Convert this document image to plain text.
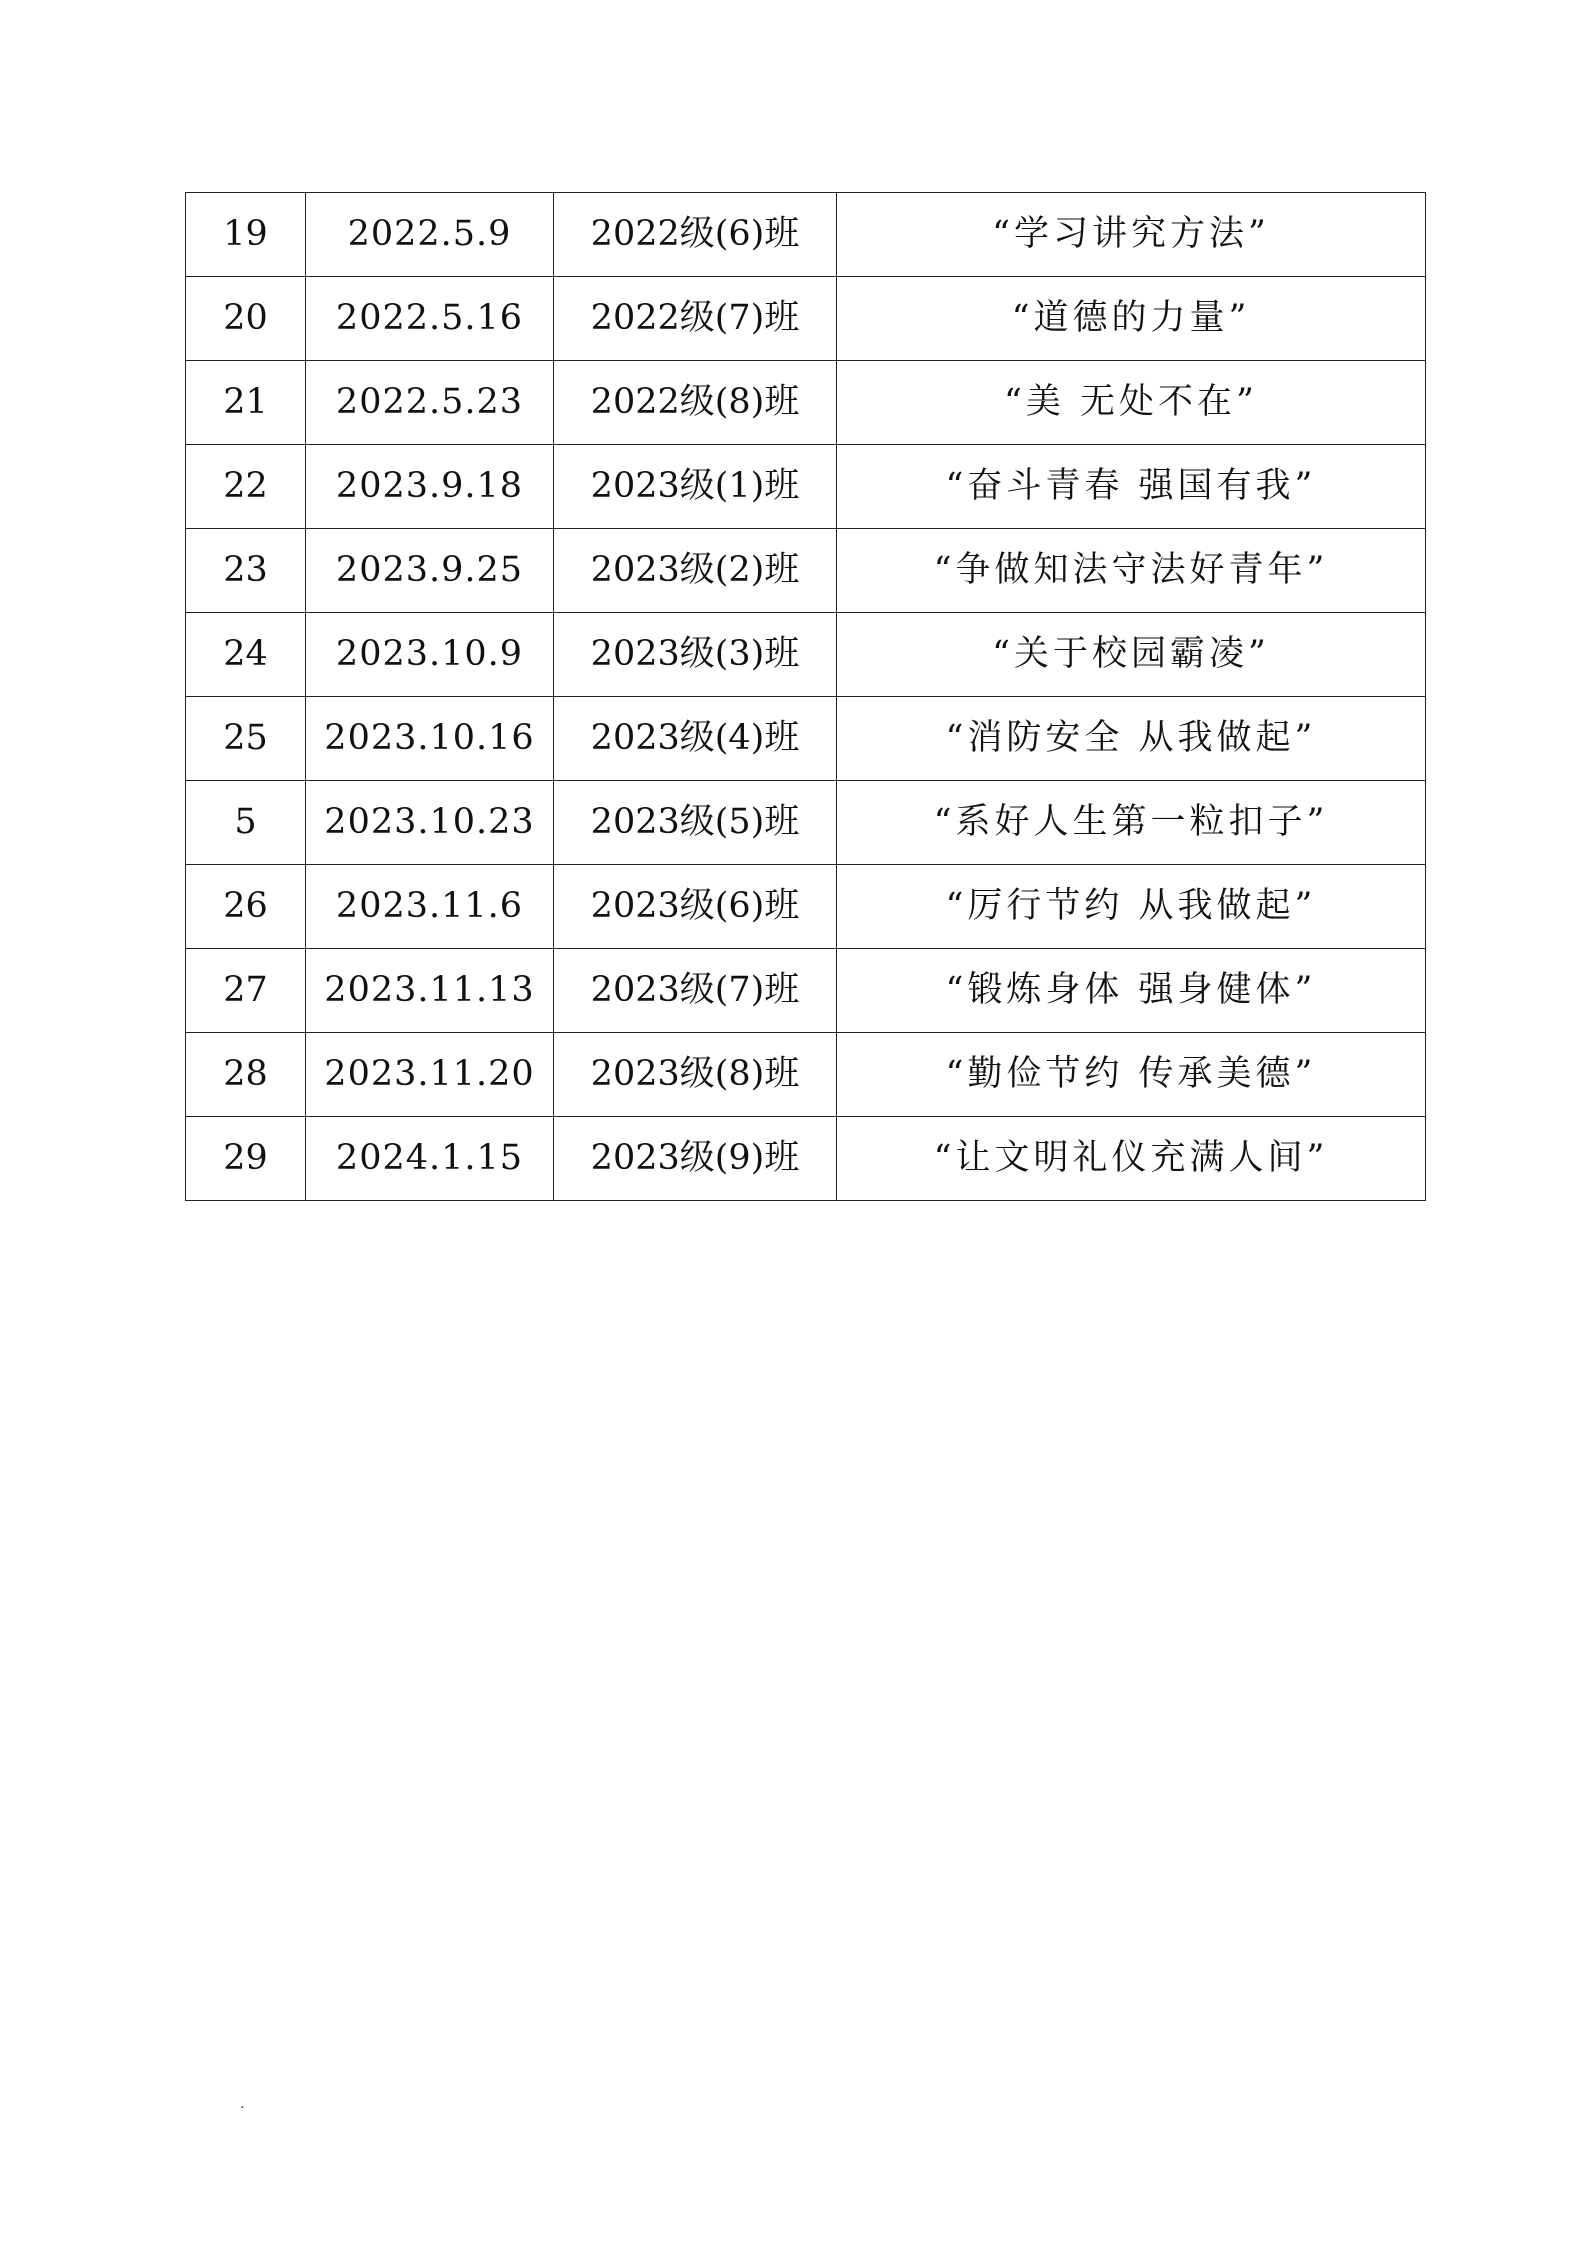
19	2022.5.9	2022级(6)班	“学习讲究方法”
20	2022.5.16	2022级(7)班	“道德的力量”
21	2022.5.23	2022级(8)班	“美 无处不在”
22	2023.9.18	2023级(1)班	“奋斗青春 强国有我”
23	2023.9.25	2023级(2)班	“争做知法守法好青年”
24	2023.10.9	2023级(3)班	“关于校园霸凌”
25	2023.10.16	2023级(4)班	“消防安全 从我做起”
5	2023.10.23	2023级(5)班	“系好人生第一粒扣子”
26	2023.11.6	2023级(6)班	“厉行节约 从我做起”
27	2023.11.13	2023级(7)班	“锻炼身体 强身健体”
28	2023.11.20	2023级(8)班	“勤俭节约 传承美德”
29	2024.1.15	2023级(9)班	“让文明礼仪充满人间”
.
